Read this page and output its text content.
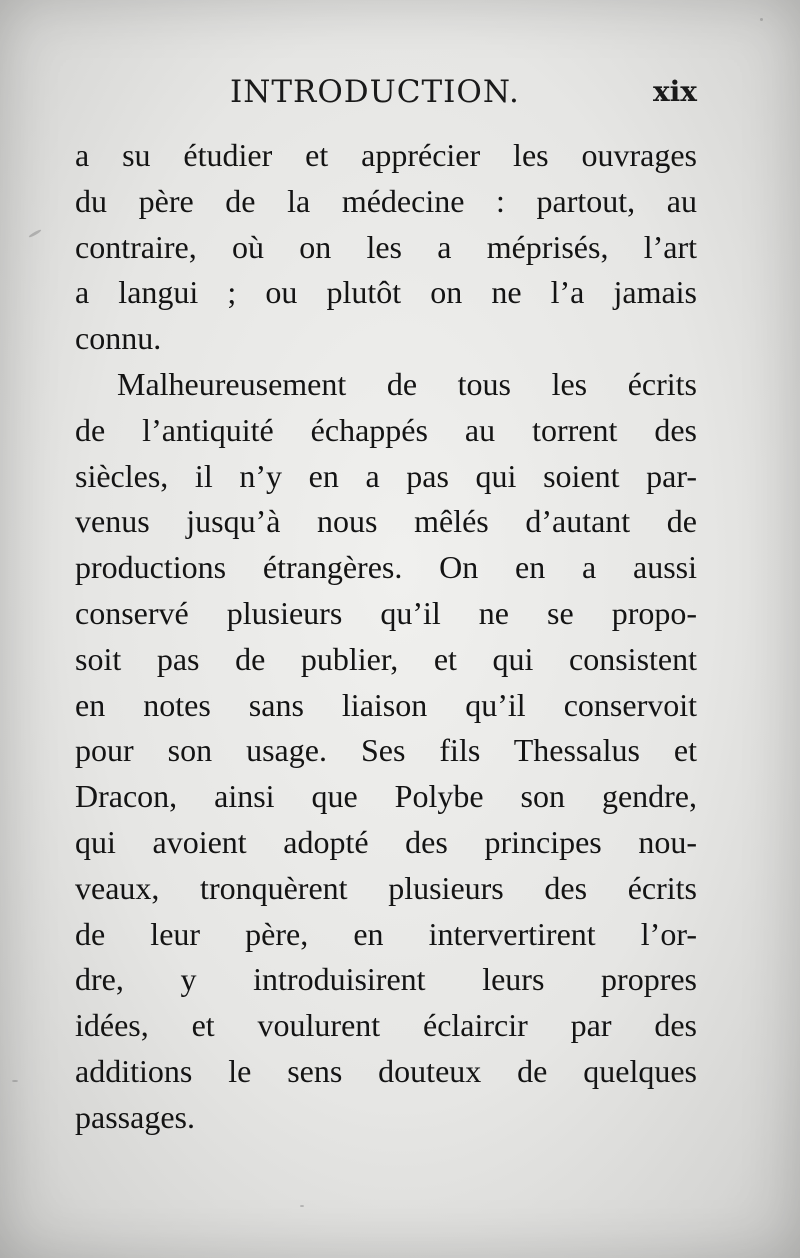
INTRODUCTION.	xix
a su étudier et apprécier les ouvrages
du père de la médecine : partout, au
contraire, où on les a méprisés, l’art
a langui ; ou plutôt on ne l’a jamais
connu.
Malheureusement de tous les écrits
de l’antiquité échappés au torrent des
siècles, il n’y en a pas qui soient par-
venus jusqu’à nous mêlés d’autant de
productions étrangères. On en a aussi
conservé plusieurs qu’il ne se propo-
soit pas de publier, et qui consistent
en notes sans liaison qu’il conservoit
pour son usage. Ses fils Thessalus et
Dracon, ainsi que Polybe son gendre,
qui avoient adopté des principes nou-
veaux, tronquèrent plusieurs des écrits
de leur père, en intervertirent l’or-
dre, y introduisirent leurs propres
idées, et voulurent éclaircir par des
additions le sens douteux de quelques
passages.
